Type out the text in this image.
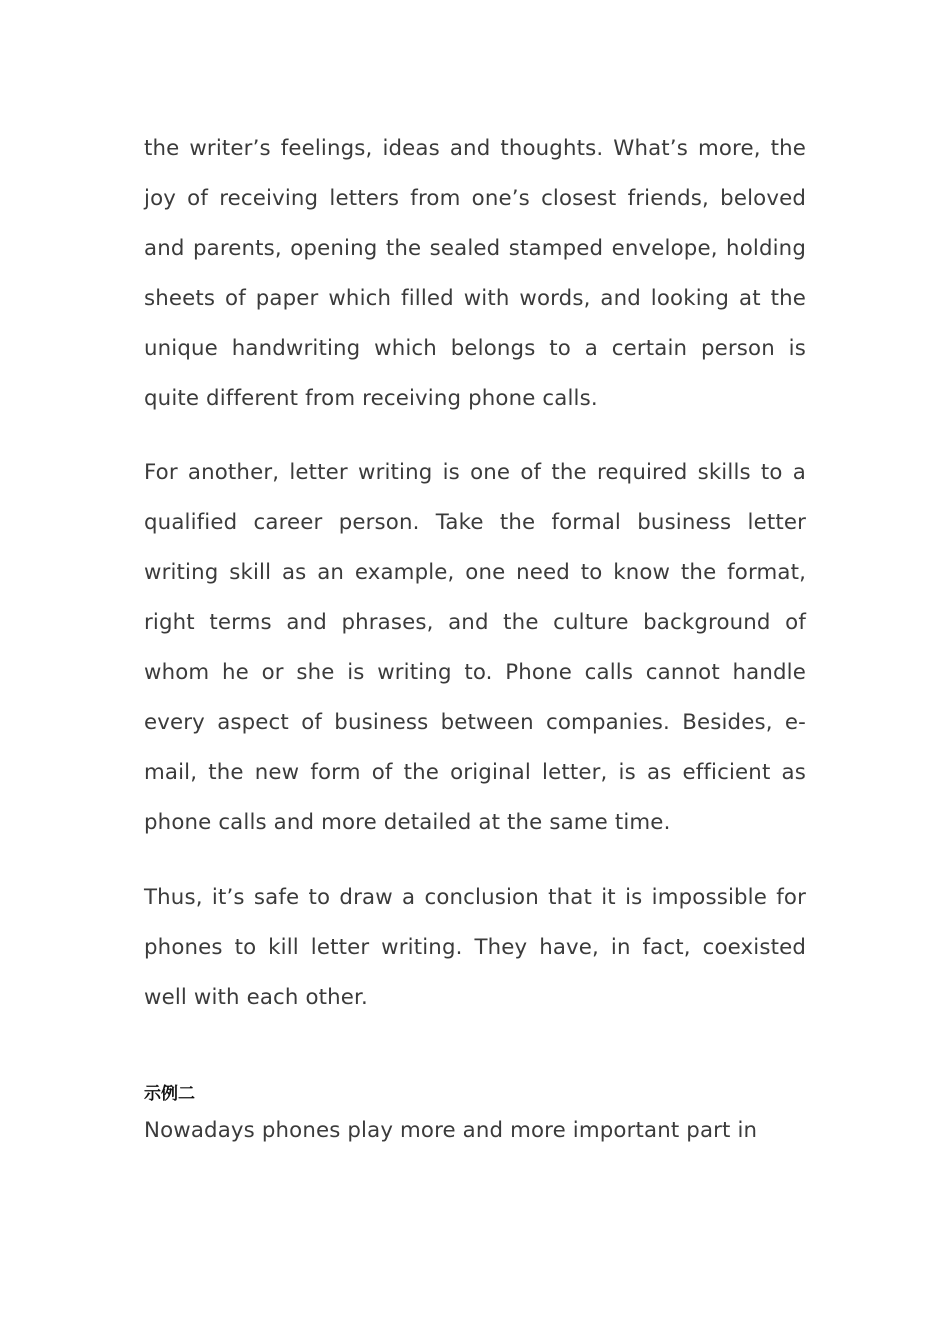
the writer’s feelings, ideas and thoughts. What’s more, the joy of receiving letters from one’s closest friends, beloved and parents, opening the sealed stamped envelope, holding sheets of paper which filled with words, and looking at the unique handwriting which belongs to a certain person is quite different from receiving phone calls.

For another, letter writing is one of the required skills to a qualified career person. Take the formal business letter writing skill as an example, one need to know the format, right terms and phrases, and the culture background of whom he or she is writing to. Phone calls cannot handle every aspect of business between companies. Besides, e-mail, the new form of the original letter, is as efficient as phone calls and more detailed at the same time.

Thus, it’s safe to draw a conclusion that it is impossible for phones to kill letter writing. They have, in fact, coexisted well with each other.

示例二

Nowadays phones play more and more important part in
